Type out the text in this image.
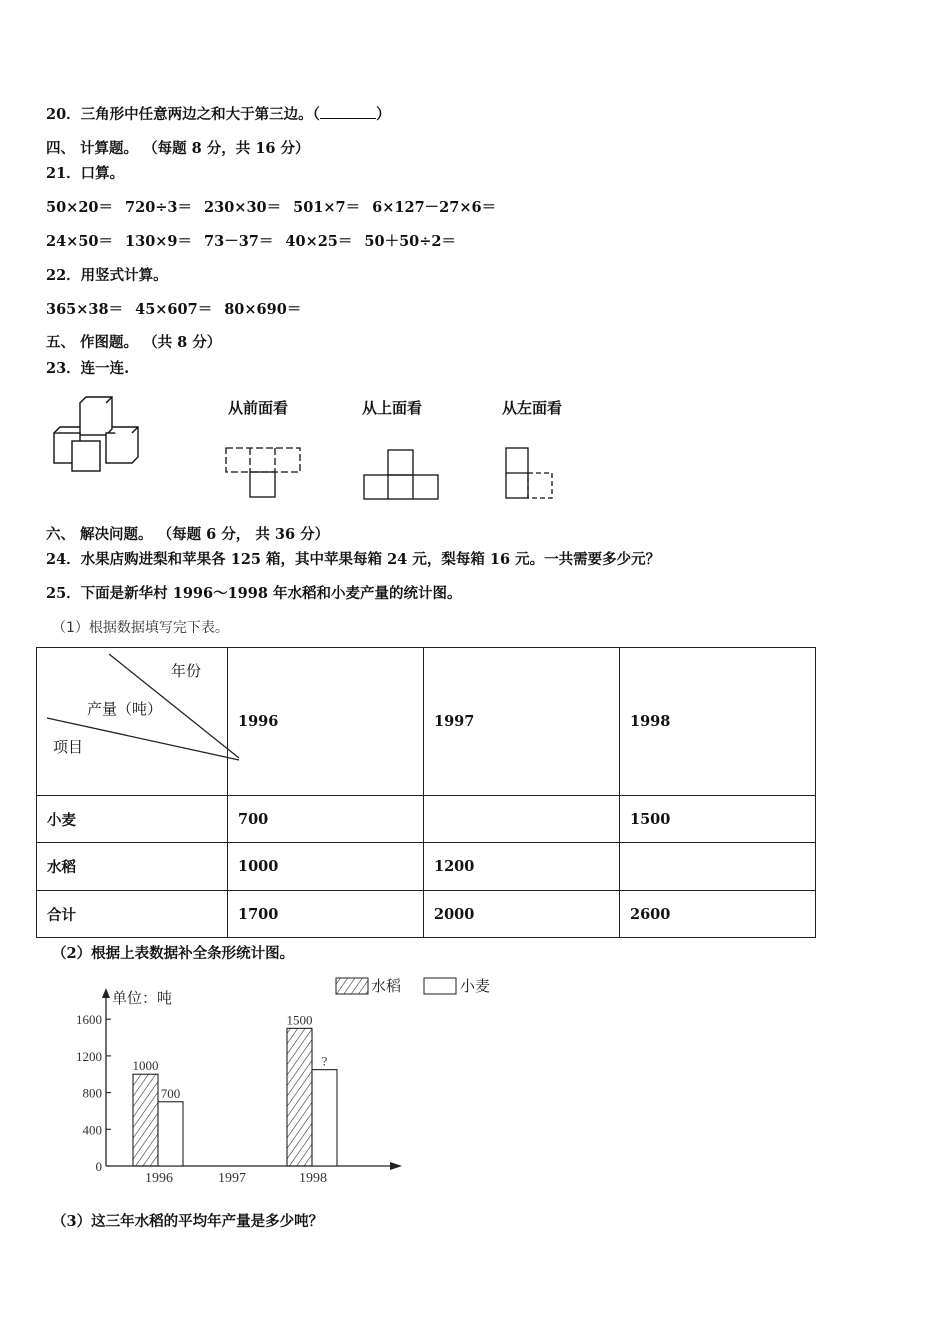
20．三角形中任意两边之和大于第三边。（	）
四、 计算题。 （每题 8 分，共 16 分）
21．口算。
50×20＝ 720÷3＝ 230×30＝ 501×7＝ 6×127－27×6＝
24×50＝ 130×9＝ 73－37＝ 40×25＝ 50＋50÷2＝
22．用竖式计算。
365×38＝ 45×607＝ 80×690＝
五、 作图题。 （共 8 分）
23．连一连.
从前面看	从上面看	从左面看
六、 解决问题。 （每题 6 分， 共 36 分）
24．水果店购进梨和苹果各 125 箱，其中苹果每箱 24 元，梨每箱 16 元。一共需要多少元？
25．下面是新华村 1996～1998 年水稻和小麦产量的统计图。
（1）根据数据填写完下表。
年份
产量（吨）
项目	1996	1997	1998
小麦	700		1500
水稻	1000	1200	
合计	1700	2000	2600
（2）根据上表数据补全条形统计图。
水稻	小麦
单位：吨
0
400
800
1200
1600
1996	1997	1998
1000
1500
700
?
（3）这三年水稻的平均年产量是多少吨？
